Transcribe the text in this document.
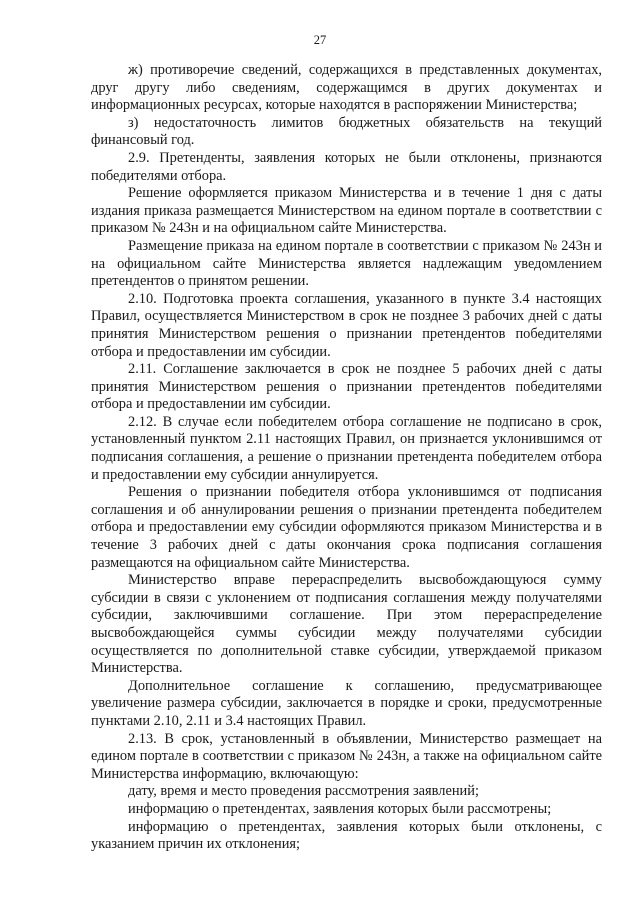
27

ж) противоречие сведений, содержащихся в представленных документах, друг другу либо сведениям, содержащимся в других документах и информационных ресурсах, которые находятся в распоряжении Министерства;

з) недостаточность лимитов бюджетных обязательств на текущий финансовый год.

2.9. Претенденты, заявления которых не были отклонены, признаются победителями отбора.

Решение оформляется приказом Министерства и в течение 1 дня с даты издания приказа размещается Министерством на едином портале в соответствии с приказом № 243н и на официальном сайте Министерства.

Размещение приказа на едином портале в соответствии с приказом № 243н и на официальном сайте Министерства является надлежащим уведомлением претендентов о принятом решении.

2.10. Подготовка проекта соглашения, указанного в пункте 3.4 настоящих Правил, осуществляется Министерством в срок не позднее 3 рабочих дней с даты принятия Министерством решения о признании претендентов победителями отбора и предоставлении им субсидии.

2.11. Соглашение заключается в срок не позднее 5 рабочих дней с даты принятия Министерством решения о признании претендентов победителями отбора и предоставлении им субсидии.

2.12. В случае если победителем отбора соглашение не подписано в срок, установленный пунктом 2.11 настоящих Правил, он признается уклонившимся от подписания соглашения, а решение о признании претендента победителем отбора и предоставлении ему субсидии аннулируется.

Решения о признании победителя отбора уклонившимся от подписания соглашения и об аннулировании решения о признании претендента победителем отбора и предоставлении ему субсидии оформляются приказом Министерства и в течение 3 рабочих дней с даты окончания срока подписания соглашения размещаются на официальном сайте Министерства.

Министерство вправе перераспределить высвобождающуюся сумму субсидии в связи с уклонением от подписания соглашения между получателями субсидии, заключившими соглашение. При этом перераспределение высвобождающейся суммы субсидии между получателями субсидии осуществляется по дополнительной ставке субсидии, утверждаемой приказом Министерства.

Дополнительное соглашение к соглашению, предусматривающее увеличение размера субсидии, заключается в порядке и сроки, предусмотренные пунктами 2.10, 2.11 и 3.4 настоящих Правил.

2.13. В срок, установленный в объявлении, Министерство размещает на едином портале в соответствии с приказом № 243н, а также на официальном сайте Министерства информацию, включающую:

дату, время и место проведения рассмотрения заявлений;

информацию о претендентах, заявления которых были рассмотрены;

информацию о претендентах, заявления которых были отклонены, с указанием причин их отклонения;
